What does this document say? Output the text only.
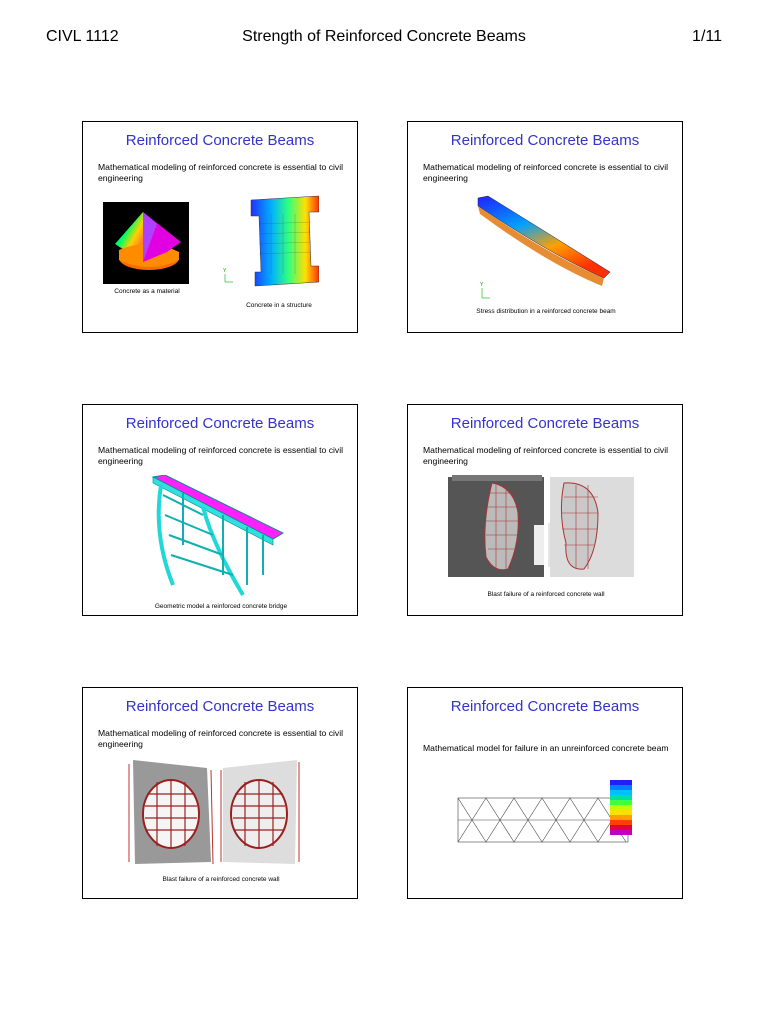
CIVL 1112	Strength of Reinforced Concrete Beams	1/11
Reinforced Concrete Beams
Mathematical modeling of reinforced concrete is essential to civil engineering
Concrete as a material
Y
Concrete in a structure
Reinforced Concrete Beams
Mathematical modeling of reinforced concrete is essential to civil engineering
Y
Stress distribution in a reinforced concrete beam
Reinforced Concrete Beams
Mathematical modeling of reinforced concrete is essential to civil engineering
Geometric model a reinforced concrete bridge
Reinforced Concrete Beams
Mathematical modeling of reinforced concrete is essential to civil engineering
Blast failure of a reinforced concrete wall
Reinforced Concrete Beams
Mathematical modeling of reinforced concrete is essential to civil engineering
Blast failure of a reinforced concrete wall
Reinforced Concrete Beams
Mathematical model for failure in an unreinforced concrete beam
